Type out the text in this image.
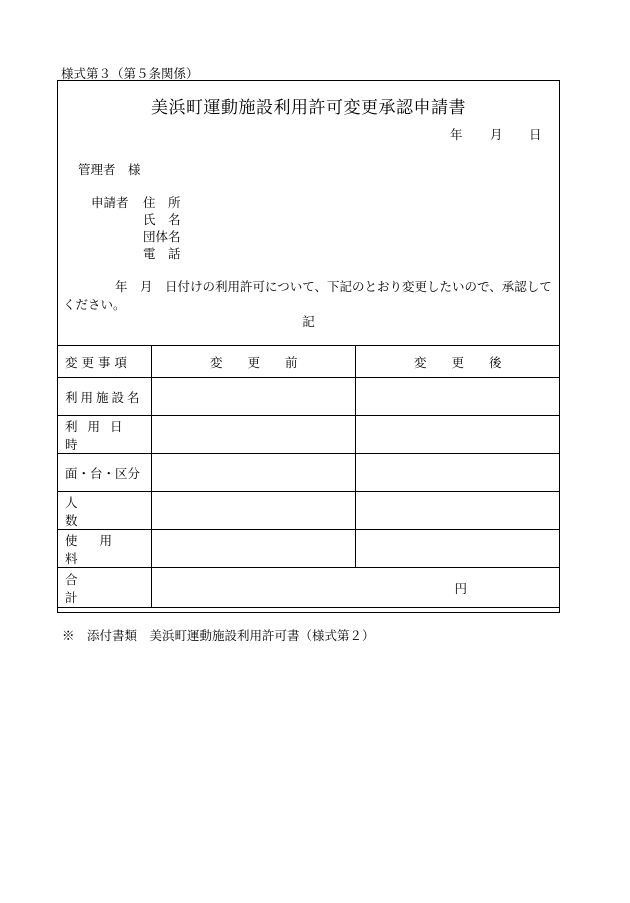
様式第３（第５条関係）
美浜町運動施設利用許可変更承認申請書
年 月 日
管理者　様
申請者 住　所
氏　名
団体名
電　話
年　月　日付けの利用許可について、下記のとおり変更したいので、承認してください。
記
変 更 事 項	変　　更　　前	変　　更　　後

利用施設名		

利用日時		

面・台・区分		

人数		

使用料		

合計	円	
※　添付書類　美浜町運動施設利用許可書（様式第２）
